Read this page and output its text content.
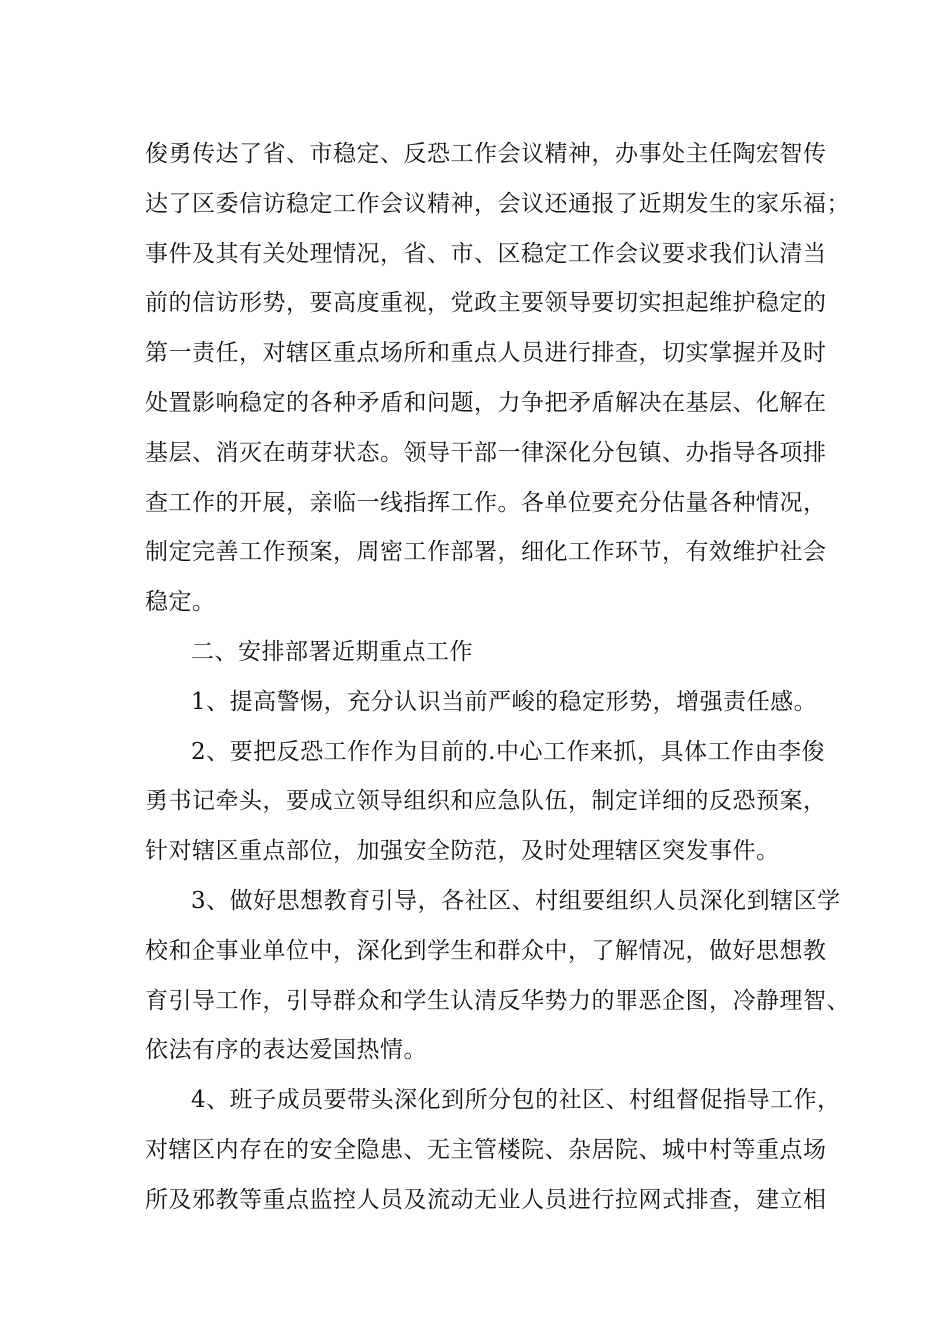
俊勇传达了省、市稳定、反恐工作会议精神，办事处主任陶宏智传
达了区委信访稳定工作会议精神，会议还通报了近期发生的家乐福；
事件及其有关处理情况，省、市、区稳定工作会议要求我们认清当
前的信访形势，要高度重视，党政主要领导要切实担起维护稳定的
第一责任，对辖区重点场所和重点人员进行排查，切实掌握并及时
处置影响稳定的各种矛盾和问题，力争把矛盾解决在基层、化解在
基层、消灭在萌芽状态。领导干部一律深化分包镇、办指导各项排
查工作的开展，亲临一线指挥工作。各单位要充分估量各种情况，
制定完善工作预案，周密工作部署，细化工作环节，有效维护社会
稳定。
二、安排部署近期重点工作
1、提高警惕，充分认识当前严峻的稳定形势，增强责任感。
2、要把反恐工作作为目前的.中心工作来抓，具体工作由李俊
勇书记牵头，要成立领导组织和应急队伍，制定详细的反恐预案，
针对辖区重点部位，加强安全防范，及时处理辖区突发事件。
3、做好思想教育引导，各社区、村组要组织人员深化到辖区学
校和企事业单位中，深化到学生和群众中，了解情况，做好思想教
育引导工作，引导群众和学生认清反华势力的罪恶企图，冷静理智、
依法有序的表达爱国热情。
4、班子成员要带头深化到所分包的社区、村组督促指导工作，
对辖区内存在的安全隐患、无主管楼院、杂居院、城中村等重点场
所及邪教等重点监控人员及流动无业人员进行拉网式排查，建立相
